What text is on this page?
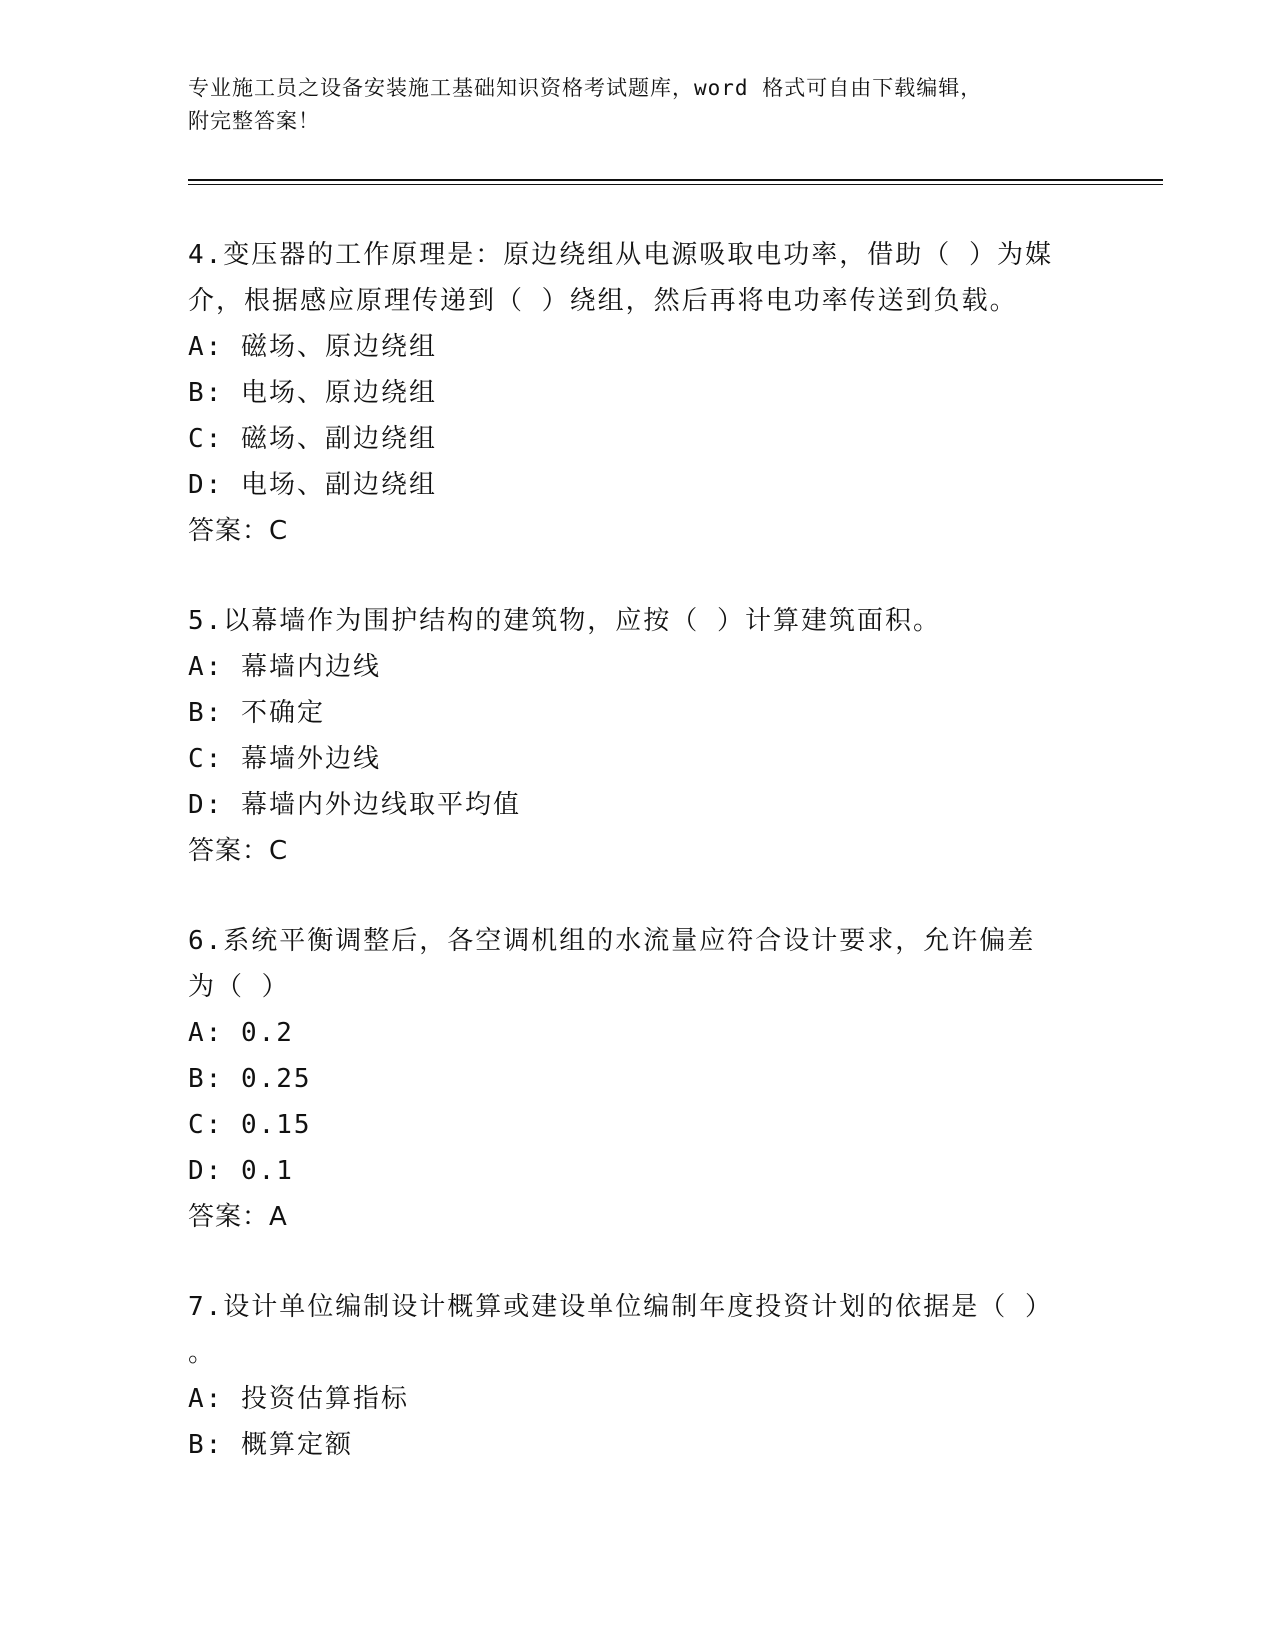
专业施工员之设备安装施工基础知识资格考试题库，word 格式可自由下载编辑，
附完整答案！
4.变压器的工作原理是：原边绕组从电源吸取电功率，借助（ ）为媒
介，根据感应原理传递到（ ）绕组，然后再将电功率传送到负载。
A: 磁场、原边绕组
B: 电场、原边绕组
C: 磁场、副边绕组
D: 电场、副边绕组
答案：C
5.以幕墙作为围护结构的建筑物，应按（ ）计算建筑面积。
A: 幕墙内边线
B: 不确定
C: 幕墙外边线
D: 幕墙内外边线取平均值
答案：C
6.系统平衡调整后，各空调机组的水流量应符合设计要求，允许偏差
为（ ）
A: 0.2
B: 0.25
C: 0.15
D: 0.1
答案：A
7.设计单位编制设计概算或建设单位编制年度投资计划的依据是（ ）
。
A: 投资估算指标
B: 概算定额
